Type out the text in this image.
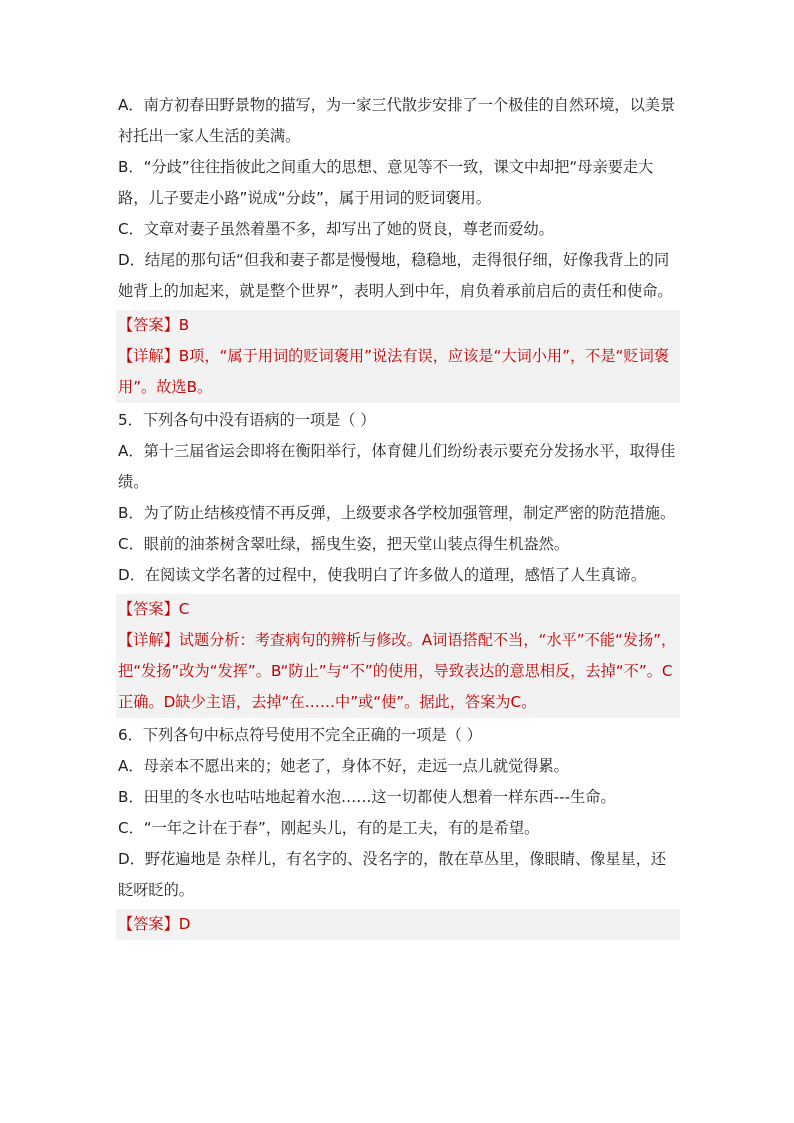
A．南方初春田野景物的描写，为一家三代散步安排了一个极佳的自然环境，以美景衬托出一家人生活的美满。

B．“分歧”往往指彼此之间重大的思想、意见等不一致，课文中却把“母亲要走大路，儿子要走小路”说成“分歧”，属于用词的贬词褒用。

C．文章对妻子虽然着墨不多，却写出了她的贤良，尊老而爱幼。

D．结尾的那句话“但我和妻子都是慢慢地，稳稳地，走得很仔细，好像我背上的同她背上的加起来，就是整个世界”，表明人到中年，肩负着承前启后的责任和使命。

【答案】B

【详解】B项，“属于用词的贬词褒用”说法有误，应该是“大词小用”，不是“贬词褒用”。故选B。

5．下列各句中没有语病的一项是（ ）

A．第十三届省运会即将在衡阳举行，体育健儿们纷纷表示要充分发扬水平，取得佳绩。

B．为了防止结核疫情不再反弹，上级要求各学校加强管理，制定严密的防范措施。

C．眼前的油茶树含翠吐绿，摇曳生姿，把天堂山装点得生机盎然。

D．在阅读文学名著的过程中，使我明白了许多做人的道理，感悟了人生真谛。

【答案】C

【详解】试题分析：考查病句的辨析与修改。A词语搭配不当，“水平”不能“发扬”，把“发扬”改为“发挥”。B“防止”与“不”的使用，导致表达的意思相反，去掉“不”。C正确。D缺少主语，去掉“在……中”或“使”。据此，答案为C。

6．下列各句中标点符号使用不完全正确的一项是（ ）

A．母亲本不愿出来的；她老了，身体不好，走远一点儿就觉得累。

B．田里的冬水也咕咕地起着水泡……这一切都使人想着一样东西---生命。

C．“一年之计在于春”，刚起头儿，有的是工夫，有的是希望。

D．野花遍地是 杂样儿，有名字的、没名字的，散在草丛里，像眼睛、像星星，还眨呀眨的。

【答案】D
